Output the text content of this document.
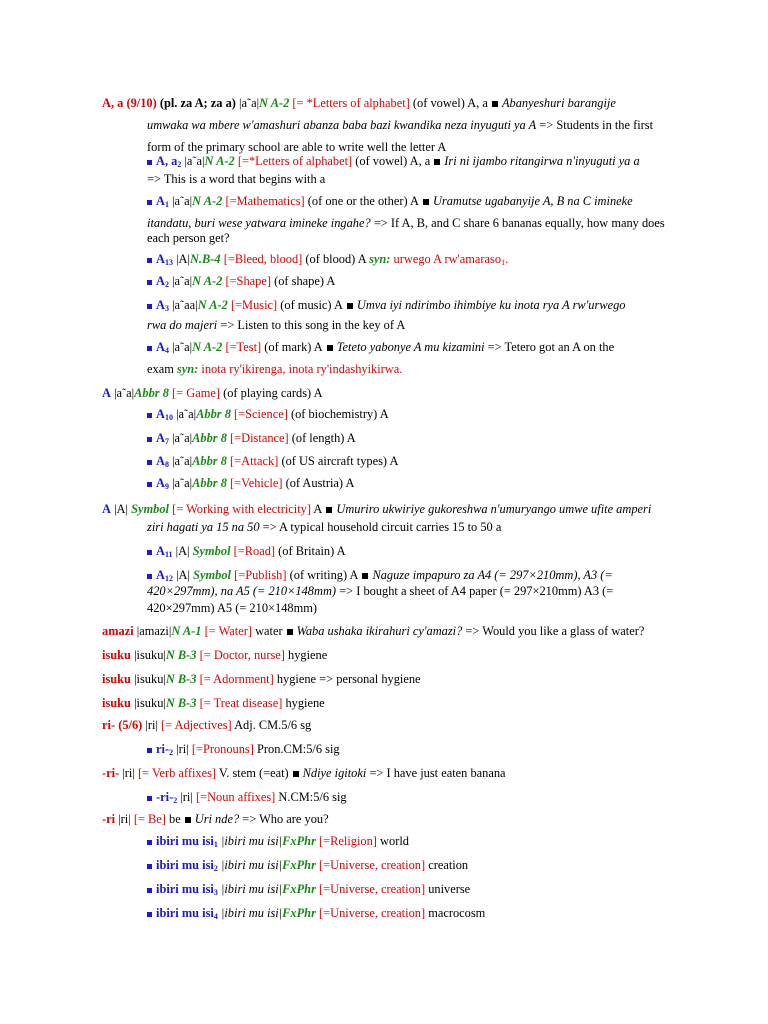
A, a (9/10) (pl. za A; za a) |a˜a|N A-2 [= *Letters of alphabet] (of vowel) A, a Abanyeshuri barangije
umwaka wa mbere w'amashuri abanza baba bazi kwandika neza inyuguti ya A => Students in the first
form of the primary school are able to write well the letter A
A, $a_2$ |a˜a|N A-2 [=*Letters of alphabet] (of vowel) A, a Iri ni ijambo ritangirwa n'inyuguti ya a
=> This is a word that begins with a
$A_1$ |a˜a|N A-2 [=Mathematics] (of one or the other) A Uramutse ugabanyije A, B na C imineke
itandatu, buri wese yatwara imineke ingahe? => If A, B, and C share 6 bananas equally, how many does
each person get?
$A_{13}$ |A|N.B-4 [=Bleed, blood] (of blood) A syn: urwego A rw'amaraso$_1$.
$A_2$ |a˜a|N A-2 [=Shape] (of shape) A
$A_3$ |a˜aa|N A-2 [=Music] (of music) A Umva iyi ndirimbo ihimbiye ku inota rya A rw'urwego
rwa do majeri => Listen to this song in the key of A
$A_4$ |a˜a|N A-2 [=Test] (of mark) A Teteto yabonye A mu kizamini => Tetero got an A on the
exam syn: inota ry'ikirenga, inota ry'indashyikirwa.
A |a˜a|Abbr 8 [= Game] (of playing cards) A
$A_{10}$ |a˜a|Abbr 8 [=Science] (of biochemistry) A
$A_7$ |a˜a|Abbr 8 [=Distance] (of length) A
$A_8$ |a˜a|Abbr 8 [=Attack] (of US aircraft types) A
$A_9$ |a˜a|Abbr 8 [=Vehicle] (of Austria) A
A |A| Symbol [= Working with electricity] A Umuriro ukwiriye gukoreshwa n'umuryango umwe ufite amperi
ziri hagati ya 15 na 50 => A typical household circuit carries 15 to 50 a
$A_{11}$ |A| Symbol [=Road] (of Britain) A
$A_{12}$ |A| Symbol [=Publish] (of writing) A Naguze impapuro za A4 (= 297×210mm), A3 (=
420×297mm), na A5 (= 210×148mm) => I bought a sheet of A4 paper (= 297×210mm) A3 (=
420×297mm) A5 (= 210×148mm)
amazi |amazi|N A-1 [= Water] water Waba ushaka ikirahuri cy'amazi? => Would you like a glass of water?
isuku |isuku|N B-3 [= Doctor, nurse] hygiene
isuku |isuku|N B-3 [= Adornment] hygiene => personal hygiene
isuku |isuku|N B-3 [= Treat disease] hygiene
ri- (5/6) |ri| [= Adjectives] Adj. CM.5/6 sg
$ri-_2$ |ri| [=Pronouns] Pron.CM:5/6 sig
-ri- |ri| [= Verb affixes] V. stem (=eat) Ndiye igitoki => I have just eaten banana
$-ri-_2$ |ri| [=Noun affixes] N.CM:5/6 sig
-ri |ri| [= Be] be Uri nde? => Who are you?
ibiri mu isi$_1$ |ibiri mu isi|FxPhr [=Religion] world
ibiri mu isi$_2$ |ibiri mu isi|FxPhr [=Universe, creation] creation
ibiri mu isi$_3$ |ibiri mu isi|FxPhr [=Universe, creation] universe
ibiri mu isi$_4$ |ibiri mu isi|FxPhr [=Universe, creation] macrocosm
